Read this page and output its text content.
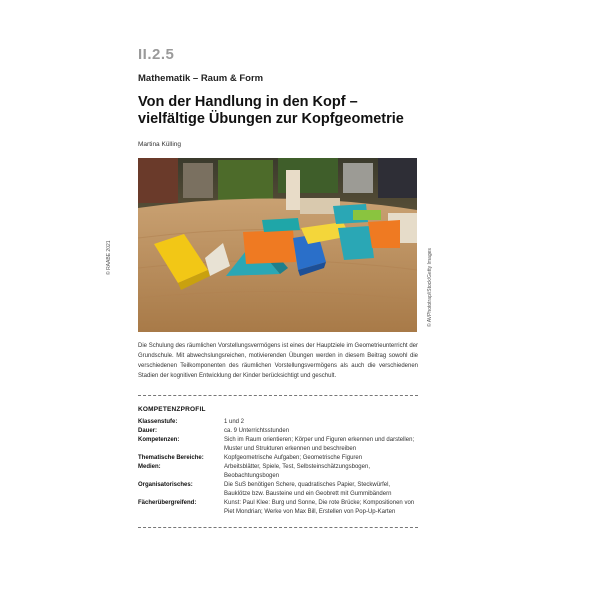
II.2.5
Mathematik – Raum & Form
Von der Handlung in den Kopf –
vielfältige Übungen zur Kopfgeometrie
Martina Külling
© RAABE 2021	© AVPhototrap/iStock/Getty Images
Die Schulung des räumlichen Vorstellungsvermögens ist eines der Hauptziele im Geometrieunterricht der Grundschule. Mit abwechslungsreichen, motivierenden Übungen werden in diesem Beitrag sowohl die verschiedenen Teilkomponenten des räumlichen Vorstellungsvermögens als auch die verschiedenen Stadien der kognitiven Entwicklung der Kinder berücksichtigt und geschult.
KOMPETENZPROFIL
Klassenstufe:	1 und 2
Dauer:	ca. 9 Unterrichtsstunden
Kompetenzen:	Sich im Raum orientieren; Körper und Figuren erkennen und darstellen; Muster und Strukturen erkennen und beschreiben
Thematische Bereiche:	Kopfgeometrische Aufgaben; Geometrische Figuren
Medien:	Arbeitsblätter, Spiele, Test, Selbsteinschätzungsbogen, Beobachtungsbogen
Organisatorisches:	Die SuS benötigen Schere, quadratisches Papier, Steckwürfel, Bauklötze bzw. Bausteine und ein Geobrett mit Gummibändern
Fächerübergreifend:	Kunst: Paul Klee: Burg und Sonne, Die rote Brücke; Kompositionen von Piet Mondrian; Werke von Max Bill, Erstellen von Pop-Up-Karten
